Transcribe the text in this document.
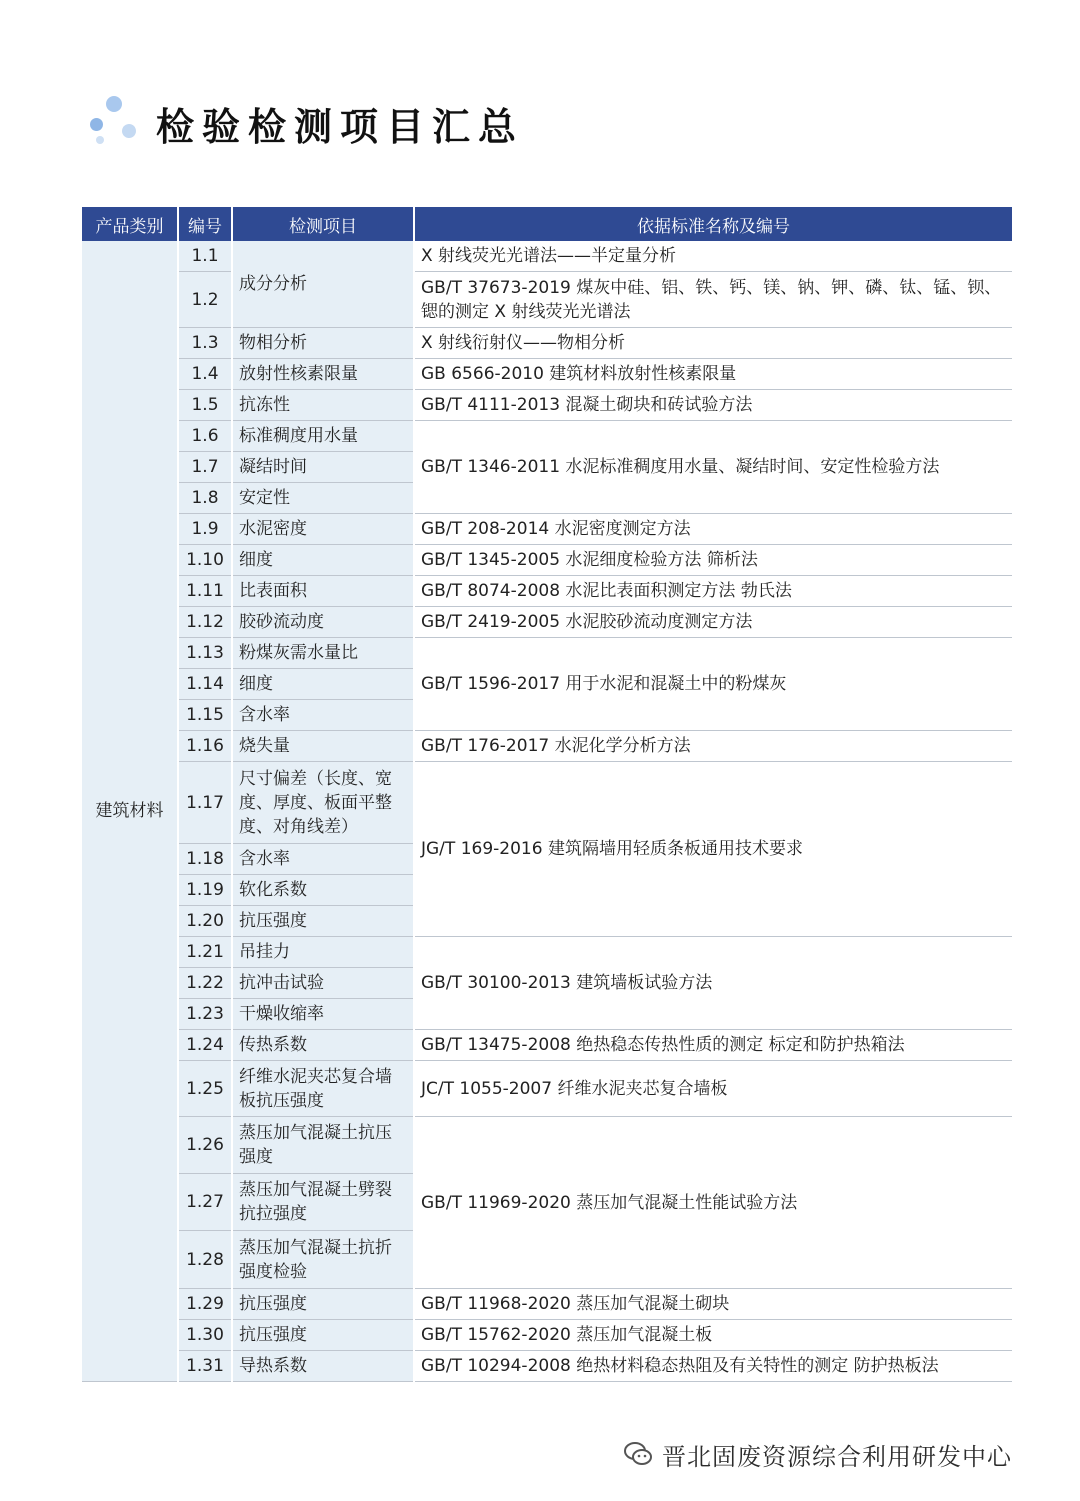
检验检测项目汇总
产品类别	编号	检测项目	依据标准名称及编号
建筑材料	1.1	成分分析	X 射线荧光光谱法——半定量分析
	1.2		GB/T 37673-2019 煤灰中硅、铝、铁、钙、镁、钠、钾、磷、钛、锰、钡、锶的测定 X 射线荧光光谱法
	1.3	物相分析	X 射线衍射仪——物相分析
	1.4	放射性核素限量	GB 6566-2010 建筑材料放射性核素限量
	1.5	抗冻性	GB/T 4111-2013 混凝土砌块和砖试验方法
	1.6	标准稠度用水量	GB/T 1346-2011 水泥标准稠度用水量、凝结时间、安定性检验方法
	1.7	凝结时间	
	1.8	安定性	
	1.9	水泥密度	GB/T 208-2014 水泥密度测定方法
	1.10	细度	GB/T 1345-2005 水泥细度检验方法 筛析法
	1.11	比表面积	GB/T 8074-2008 水泥比表面积测定方法 勃氏法
	1.12	胶砂流动度	GB/T 2419-2005 水泥胶砂流动度测定方法
	1.13	粉煤灰需水量比	GB/T 1596-2017 用于水泥和混凝土中的粉煤灰
	1.14	细度	
	1.15	含水率	
	1.16	烧失量	GB/T 176-2017 水泥化学分析方法
	1.17	尺寸偏差（长度、宽度、厚度、板面平整度、对角线差）	JG/T 169-2016 建筑隔墙用轻质条板通用技术要求
	1.18	含水率	
	1.19	软化系数	
	1.20	抗压强度	
	1.21	吊挂力	GB/T 30100-2013 建筑墙板试验方法
	1.22	抗冲击试验	
	1.23	干燥收缩率	
	1.24	传热系数	GB/T 13475-2008 绝热稳态传热性质的测定 标定和防护热箱法
	1.25	纤维水泥夹芯复合墙板抗压强度	JC/T 1055-2007 纤维水泥夹芯复合墙板
	1.26	蒸压加气混凝土抗压强度	GB/T 11969-2020 蒸压加气混凝土性能试验方法
	1.27	蒸压加气混凝土劈裂抗拉强度	
	1.28	蒸压加气混凝土抗折强度检验	
	1.29	抗压强度	GB/T 11968-2020 蒸压加气混凝土砌块
	1.30	抗压强度	GB/T 15762-2020 蒸压加气混凝土板
	1.31	导热系数	GB/T 10294-2008 绝热材料稳态热阻及有关特性的测定 防护热板法
晋北固废资源综合利用研发中心
